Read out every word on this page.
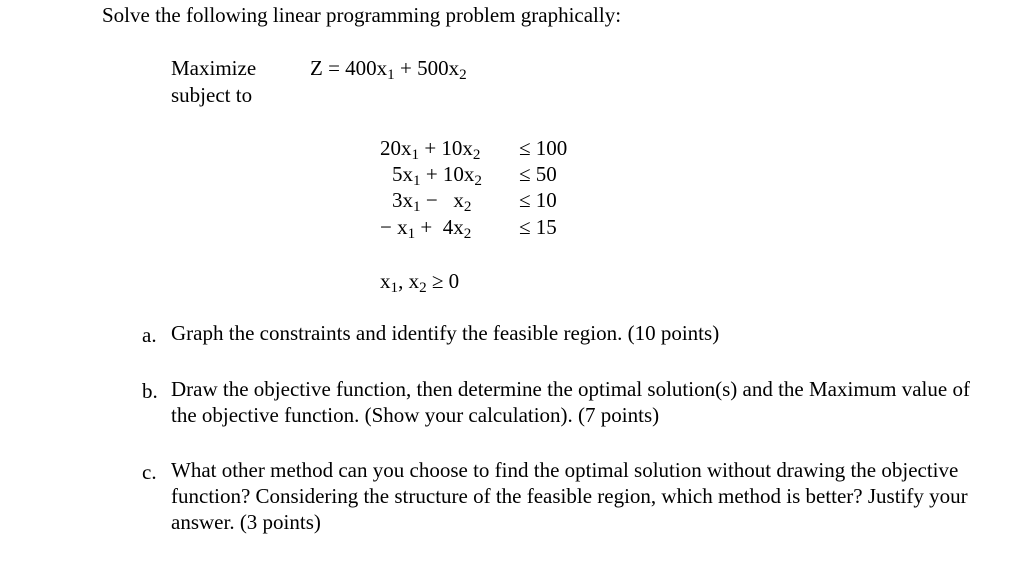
Solve the following linear programming problem graphically:
Maximize	$Z = 400x_1 + 500x_2$
subject to
$20x_1 + 10x_2 \le 100$
$5x_1 + 10x_2 \le 50$
$3x_1 - x_2 \le 10$
− $x_1 + 4x_2 \le 15$
$x_1$, $x_2 \ge 0$
a. Graph the constraints and identify the feasible region. (10 points)
b. Draw the objective function, then determine the optimal solution(s) and the Maximum value of the objective function. (Show your calculation). (7 points)
c. What other method can you choose to find the optimal solution without drawing the objective function? Considering the structure of the feasible region, which method is better? Justify your answer. (3 points)
